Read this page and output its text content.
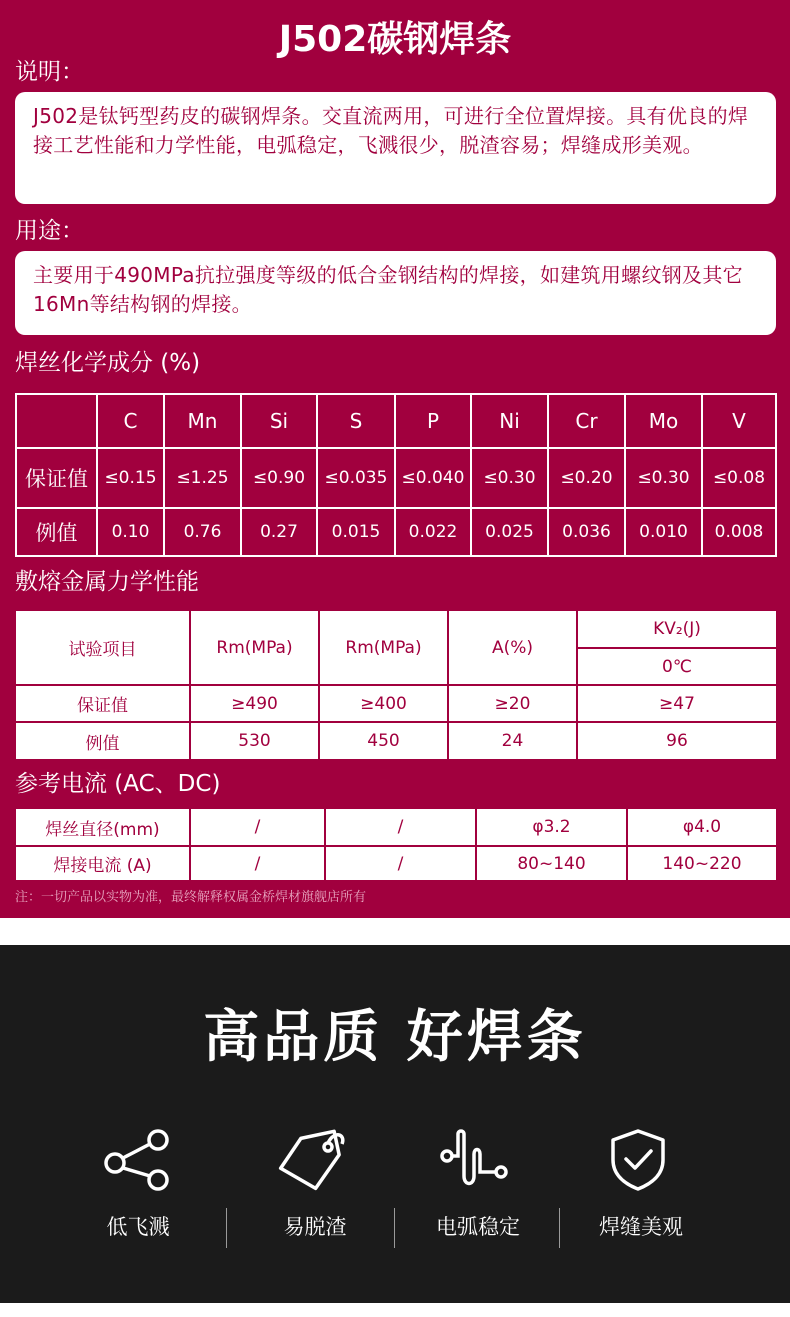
J502碳钢焊条
说明：
J502是钛钙型药皮的碳钢焊条。交直流两用，可进行全位置焊接。具有优良的焊接工艺性能和力学性能，电弧稳定，飞溅很少，脱渣容易；焊缝成形美观。
用途：
主要用于490MPa抗拉强度等级的低合金钢结构的焊接，如建筑用螺纹钢及其它16Mn等结构钢的焊接。
焊丝化学成分 (%)
	C	Mn	Si	S	P	Ni	Cr	Mo	V
保证值	≤0.15	≤1.25	≤0.90	≤0.035	≤0.040	≤0.30	≤0.20	≤0.30	≤0.08
例值	0.10	0.76	0.27	0.015	0.022	0.025	0.036	0.010	0.008
敷熔金属力学性能
试验项目	Rm(MPa)	Rm(MPa)	A(%)	KV₂(J)
				0℃
保证值	≥490	≥400	≥20	≥47
例值	530	450	24	96
参考电流 (AC、DC)
焊丝直径(mm)	/	/	φ3.2	φ4.0
焊接电流 (A)	/	/	80~140	140~220
注：一切产品以实物为准，最终解释权属金桥焊材旗舰店所有
高品质 好焊条
低飞溅	易脱渣	电弧稳定	焊缝美观
